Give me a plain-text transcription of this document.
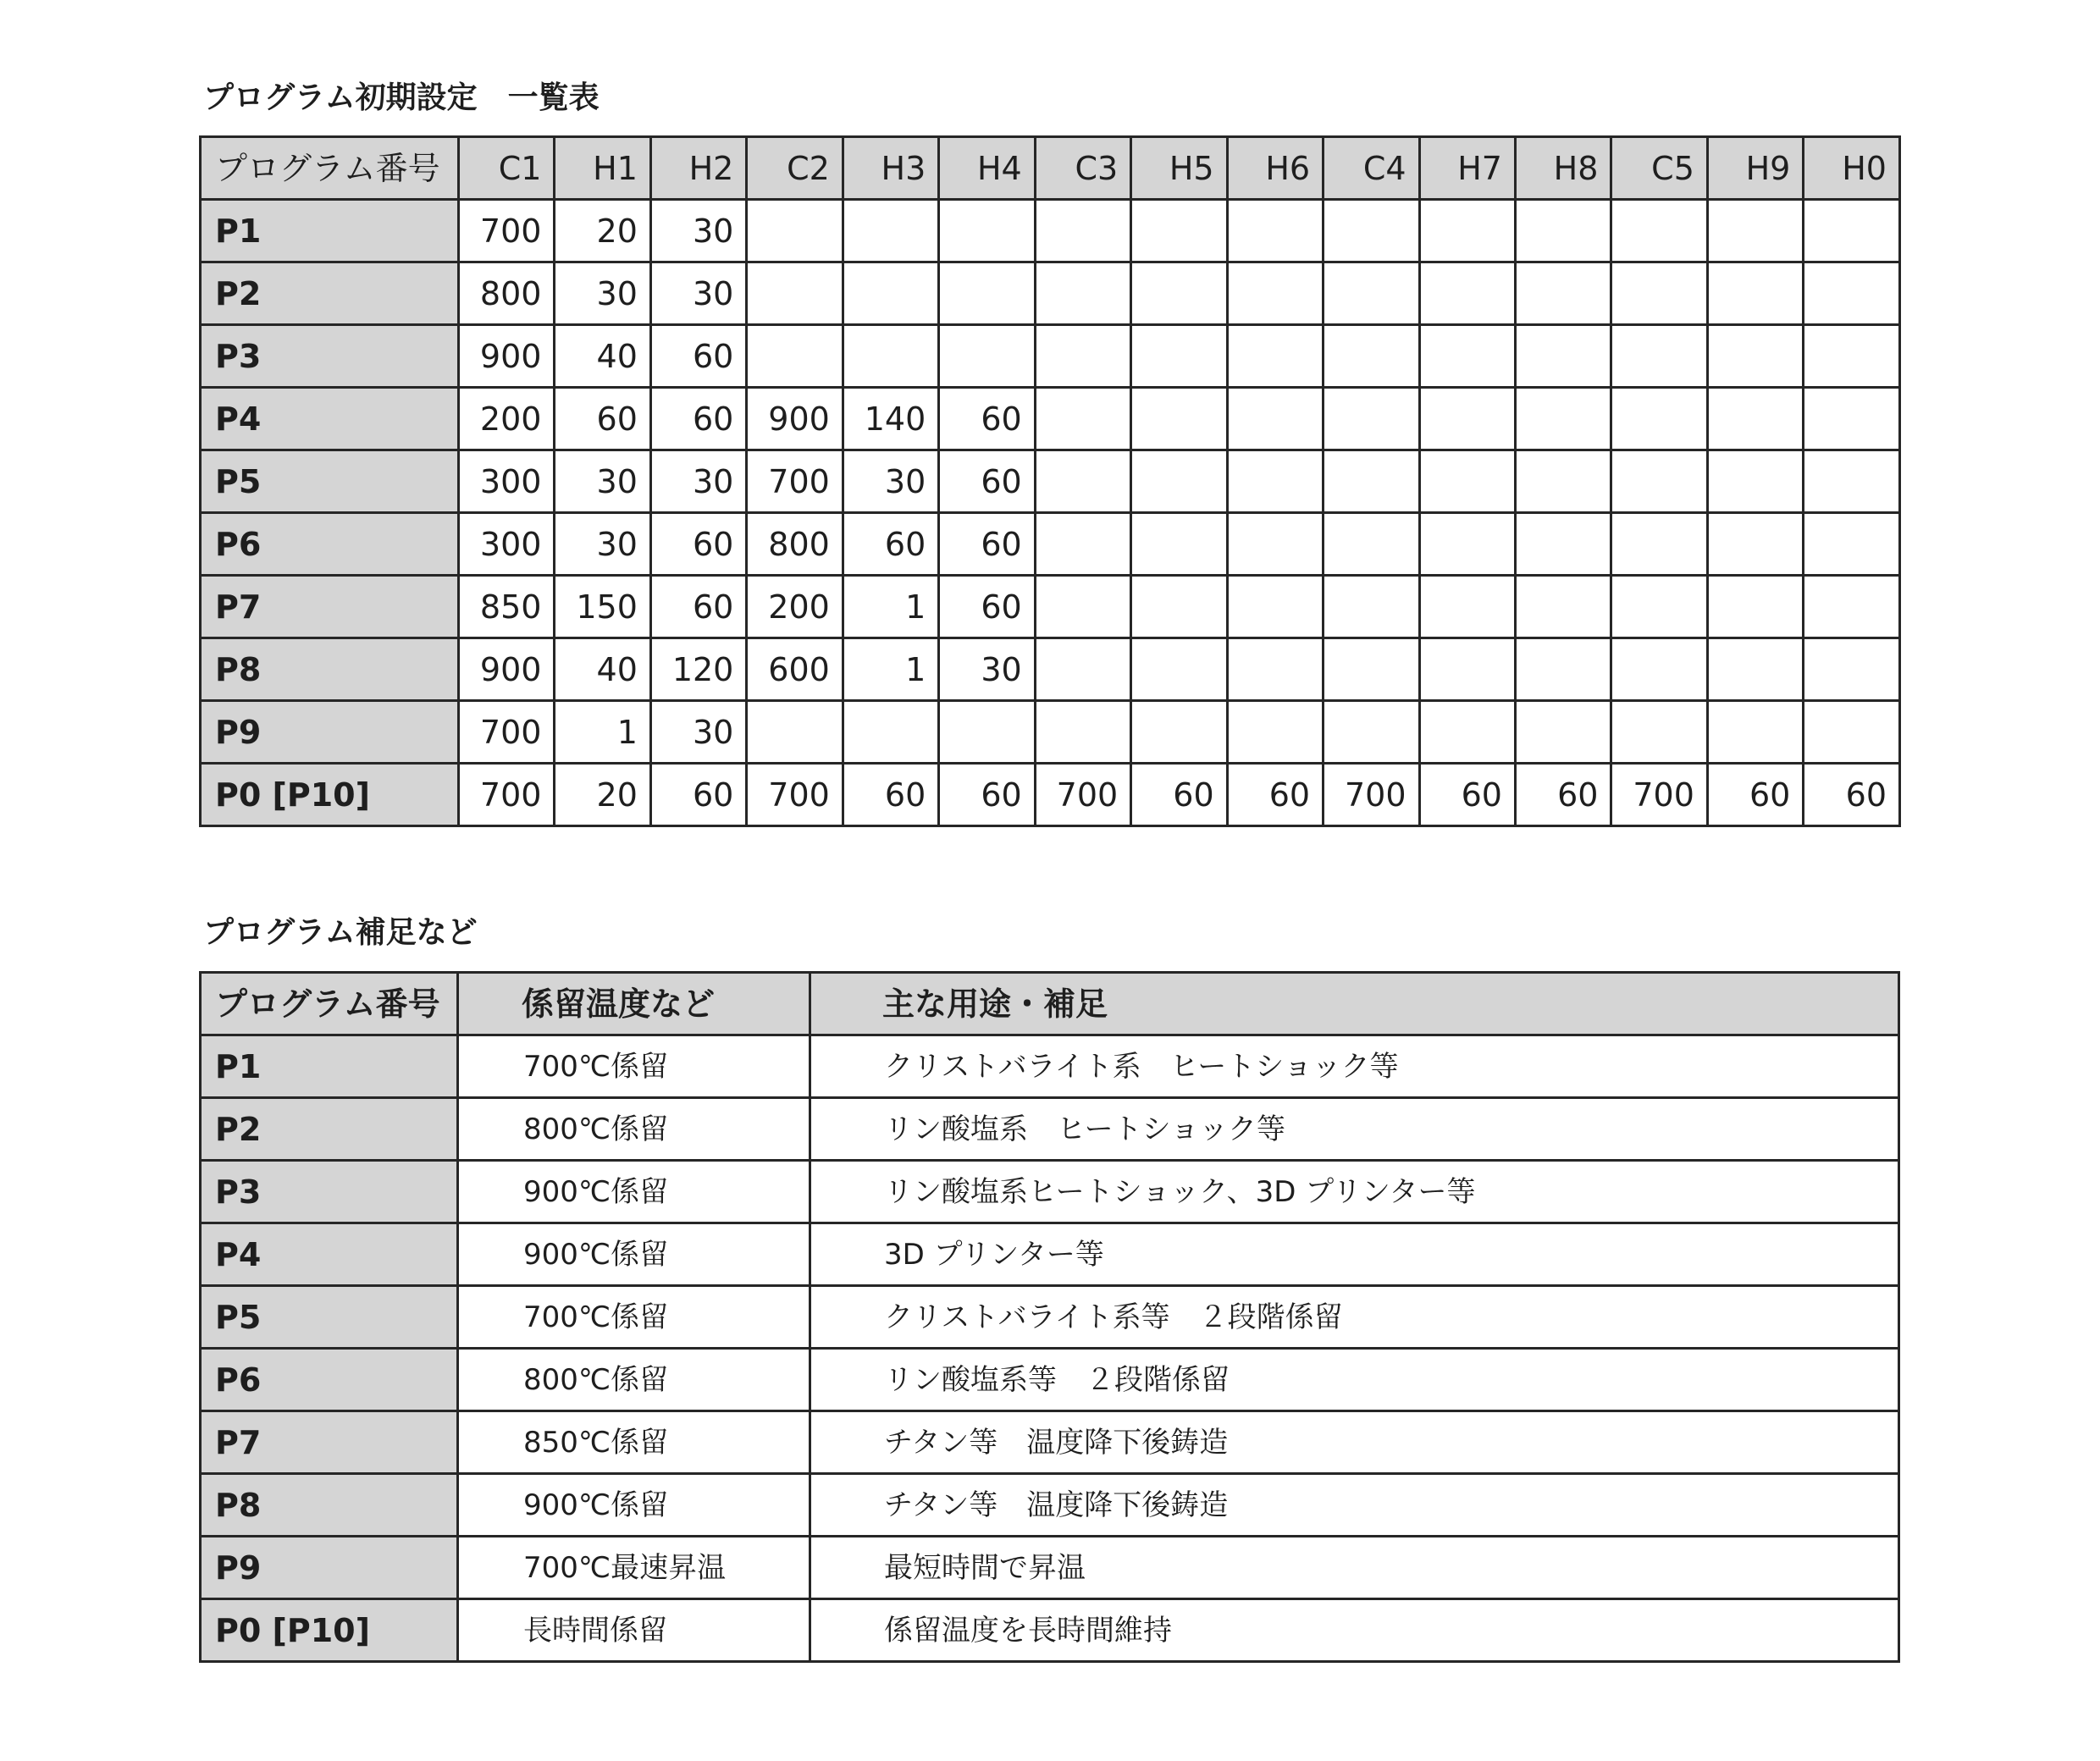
プログラム初期設定　一覧表
プログラム番号	C1	H1	H2	C2	H3	H4	C3	H5	H6	C4	H7	H8	C5	H9	H0
P1	700	20	30												
P2	800	30	30												
P3	900	40	60												
P4	200	60	60	900	140	60									
P5	300	30	30	700	30	60									
P6	300	30	60	800	60	60									
P7	850	150	60	200	1	60									
P8	900	40	120	600	1	30									
P9	700	1	30												
P0 [P10]	700	20	60	700	60	60	700	60	60	700	60	60	700	60	60
プログラム補足など
プログラム番号	係留温度など	主な用途・補足
P1	700℃係留	クリストバライト系　ヒートショック等
P2	800℃係留	リン酸塩系　ヒートショック等
P3	900℃係留	リン酸塩系ヒートショック、3D プリンター等
P4	900℃係留	3D プリンター等
P5	700℃係留	クリストバライト系等　２段階係留
P6	800℃係留	リン酸塩系等　２段階係留
P7	850℃係留	チタン等　温度降下後鋳造
P8	900℃係留	チタン等　温度降下後鋳造
P9	700℃最速昇温	最短時間で昇温
P0 [P10]	長時間係留	係留温度を長時間維持
